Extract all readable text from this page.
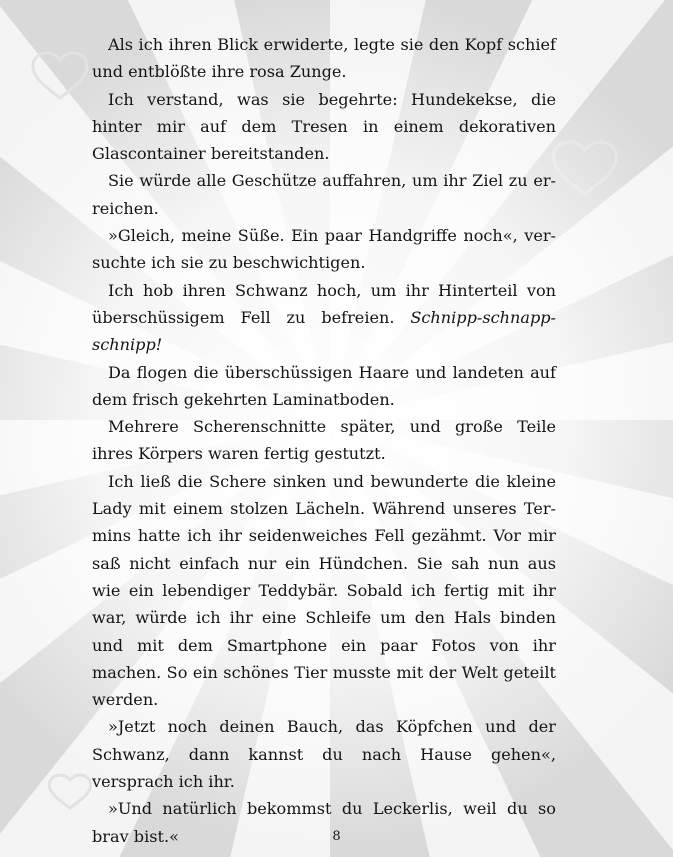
Als ich ihren Blick erwiderte, legte sie den Kopf schief und entblößte ihre rosa Zunge.

Ich verstand, was sie begehrte: Hundekekse, die hinter mir auf dem Tresen in einem dekorativen Glascontainer bereitstanden.

Sie würde alle Geschütze auffahren, um ihr Ziel zu erreichen.

»Gleich, meine Süße. Ein paar Handgriffe noch«, versuchte ich sie zu beschwichtigen.

Ich hob ihren Schwanz hoch, um ihr Hinterteil von überschüssigem Fell zu befreien. Schnipp-schnapp-schnipp!

Da flogen die überschüssigen Haare und landeten auf dem frisch gekehrten Laminatboden.

Mehrere Scherenschnitte später, und große Teile ihres Körpers waren fertig gestutzt.

Ich ließ die Schere sinken und bewunderte die kleine Lady mit einem stolzen Lächeln. Während unseres Termins hatte ich ihr seidenweiches Fell gezähmt. Vor mir saß nicht einfach nur ein Hündchen. Sie sah nun aus wie ein lebendiger Teddybär. Sobald ich fertig mit ihr war, würde ich ihr eine Schleife um den Hals binden und mit dem Smartphone ein paar Fotos von ihr machen. So ein schönes Tier musste mit der Welt geteilt werden.

»Jetzt noch deinen Bauch, das Köpfchen und der Schwanz, dann kannst du nach Hause gehen«, versprach ich ihr.

»Und natürlich bekommst du Leckerlis, weil du so brav bist.«	8
